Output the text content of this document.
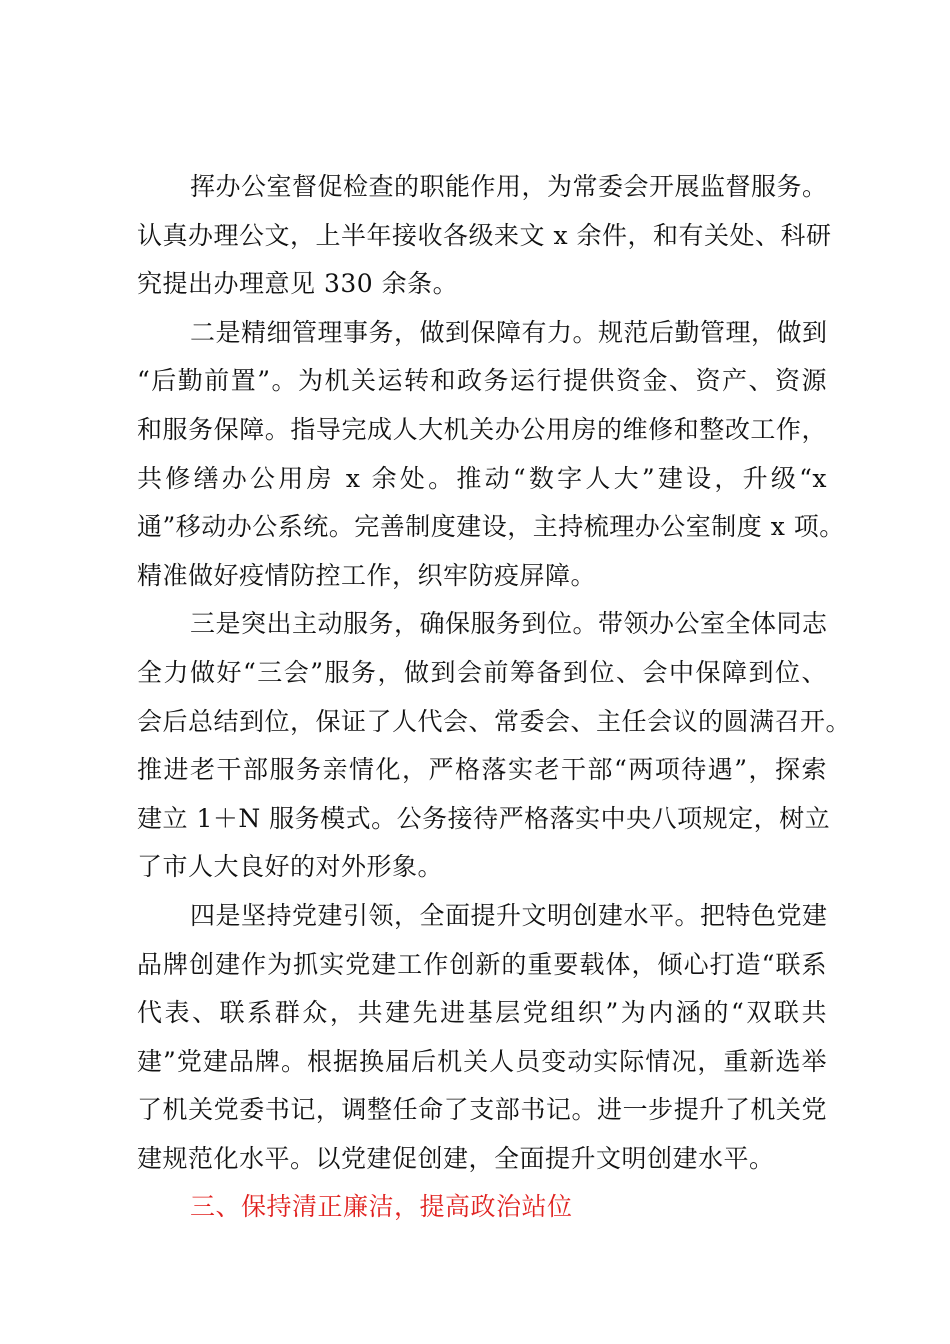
挥办公室督促检查的职能作用，为常委会开展监督服务。
认真办理公文，上半年接收各级来文 x 余件，和有关处、科研
究提出办理意见 330 余条。
二是精细管理事务，做到保障有力。规范后勤管理，做到
“后勤前置”。为机关运转和政务运行提供资金、资产、资源
和服务保障。指导完成人大机关办公用房的维修和整改工作，
共修缮办公用房 x 余处。推动“数字人大”建设，升级“x
通”移动办公系统。完善制度建设，主持梳理办公室制度 x 项。
精准做好疫情防控工作，织牢防疫屏障。
三是突出主动服务，确保服务到位。带领办公室全体同志
全力做好“三会”服务，做到会前筹备到位、会中保障到位、
会后总结到位，保证了人代会、常委会、主任会议的圆满召开。
推进老干部服务亲情化，严格落实老干部“两项待遇”，探索
建立 1＋N 服务模式。公务接待严格落实中央八项规定，树立
了市人大良好的对外形象。
四是坚持党建引领，全面提升文明创建水平。把特色党建
品牌创建作为抓实党建工作创新的重要载体，倾心打造“联系
代表、联系群众，共建先进基层党组织”为内涵的“双联共
建”党建品牌。根据换届后机关人员变动实际情况，重新选举
了机关党委书记，调整任命了支部书记。进一步提升了机关党
建规范化水平。以党建促创建，全面提升文明创建水平。
三、保持清正廉洁，提高政治站位
